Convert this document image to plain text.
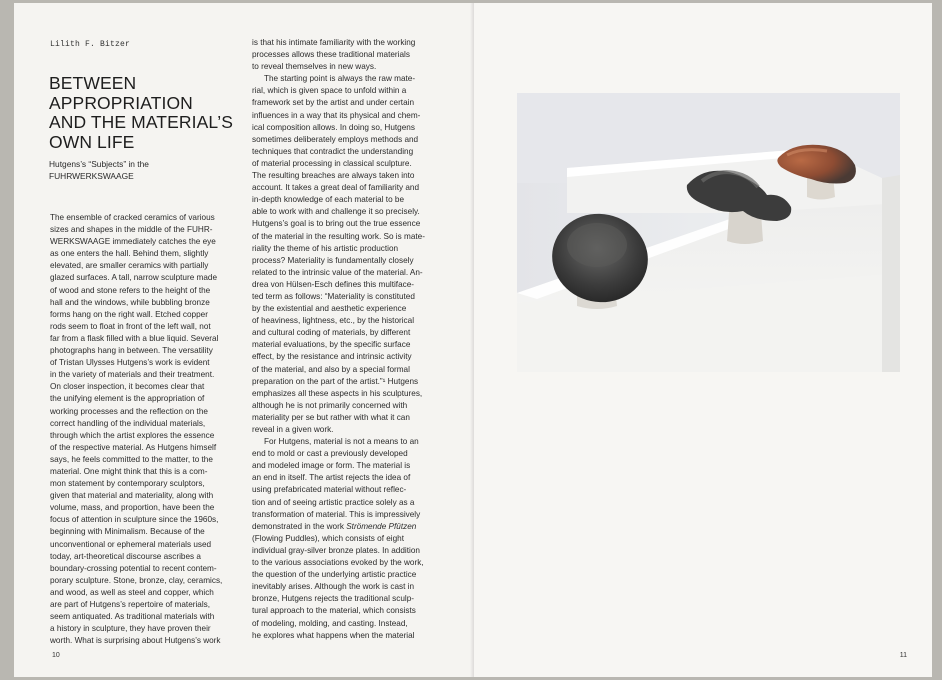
Lilith F. Bitzer
BETWEEN
APPROPRIATION
AND THE MATERIAL’S
OWN LIFE

Hutgens’s “Subjects” in the
FUHRWERKSWAAGE

The ensemble of cracked ceramics of various
sizes and shapes in the middle of the FUHR-
WERKSWAAGE immediately catches the eye
as one enters the hall. Behind them, slightly
elevated, are smaller ceramics with partially
glazed surfaces. A tall, narrow sculpture made
of wood and stone refers to the height of the
hall and the windows, while bubbling bronze
forms hang on the right wall. Etched copper
rods seem to float in front of the left wall, not
far from a flask filled with a blue liquid. Several
photographs hang in between. The versatility
of Tristan Ulysses Hutgens’s work is evident
in the variety of materials and their treatment.
On closer inspection, it becomes clear that
the unifying element is the appropriation of
working processes and the reflection on the
correct handling of the individual materials,
through which the artist explores the essence
of the respective material. As Hutgens himself
says, he feels committed to the matter, to the
material. One might think that this is a com-
mon statement by contemporary sculptors,
given that material and materiality, along with
volume, mass, and proportion, have been the
focus of attention in sculpture since the 1960s,
beginning with Minimalism. Because of the
unconventional or ephemeral materials used
today, art-theoretical discourse ascribes a
boundary-crossing potential to recent contem-
porary sculpture. Stone, bronze, clay, ceramics,
and wood, as well as steel and copper, which
are part of Hutgens’s repertoire of materials,
seem antiquated. As traditional materials with
a history in sculpture, they have proven their
worth. What is surprising about Hutgens’s work

is that his intimate familiarity with the working
processes allows these traditional materials
to reveal themselves in new ways.

The starting point is always the raw mate-
rial, which is given space to unfold within a
framework set by the artist and under certain
influences in a way that its physical and chem-
ical composition allows. In doing so, Hutgens
sometimes deliberately employs methods and
techniques that contradict the understanding
of material processing in classical sculpture.
The resulting breaches are always taken into
account. It takes a great deal of familiarity and
in-depth knowledge of each material to be
able to work with and challenge it so precisely.
Hutgens’s goal is to bring out the true essence
of the material in the resulting work. So is mate-
riality the theme of his artistic production
process? Materiality is fundamentally closely
related to the intrinsic value of the material. An-
drea von Hülsen-Esch defines this multiface-
ted term as follows: “Materiality is constituted
by the existential and aesthetic experience
of heaviness, lightness, etc., by the historical
and cultural coding of materials, by different
material evaluations, by the specific surface
effect, by the resistance and intrinsic activity
of the material, and also by a special formal
preparation on the part of the artist.”¹ Hutgens
emphasizes all these aspects in his sculptures,
although he is not primarily concerned with
materiality per se but rather with what it can
reveal in a given work.

For Hutgens, material is not a means to an
end to mold or cast a previously developed
and modeled image or form. The material is
an end in itself. The artist rejects the idea of
using prefabricated material without reflec-
tion and of seeing artistic practice solely as a
transformation of material. This is impressively
demonstrated in the work Strömende Pfützen
(Flowing Puddles), which consists of eight
individual gray-silver bronze plates. In addition
to the various associations evoked by the work,
the question of the underlying artistic practice
inevitably arises. Although the work is cast in
bronze, Hutgens rejects the traditional sculp-
tural approach to the material, which consists
of modeling, molding, and casting. Instead,
he explores what happens when the material

10	11
